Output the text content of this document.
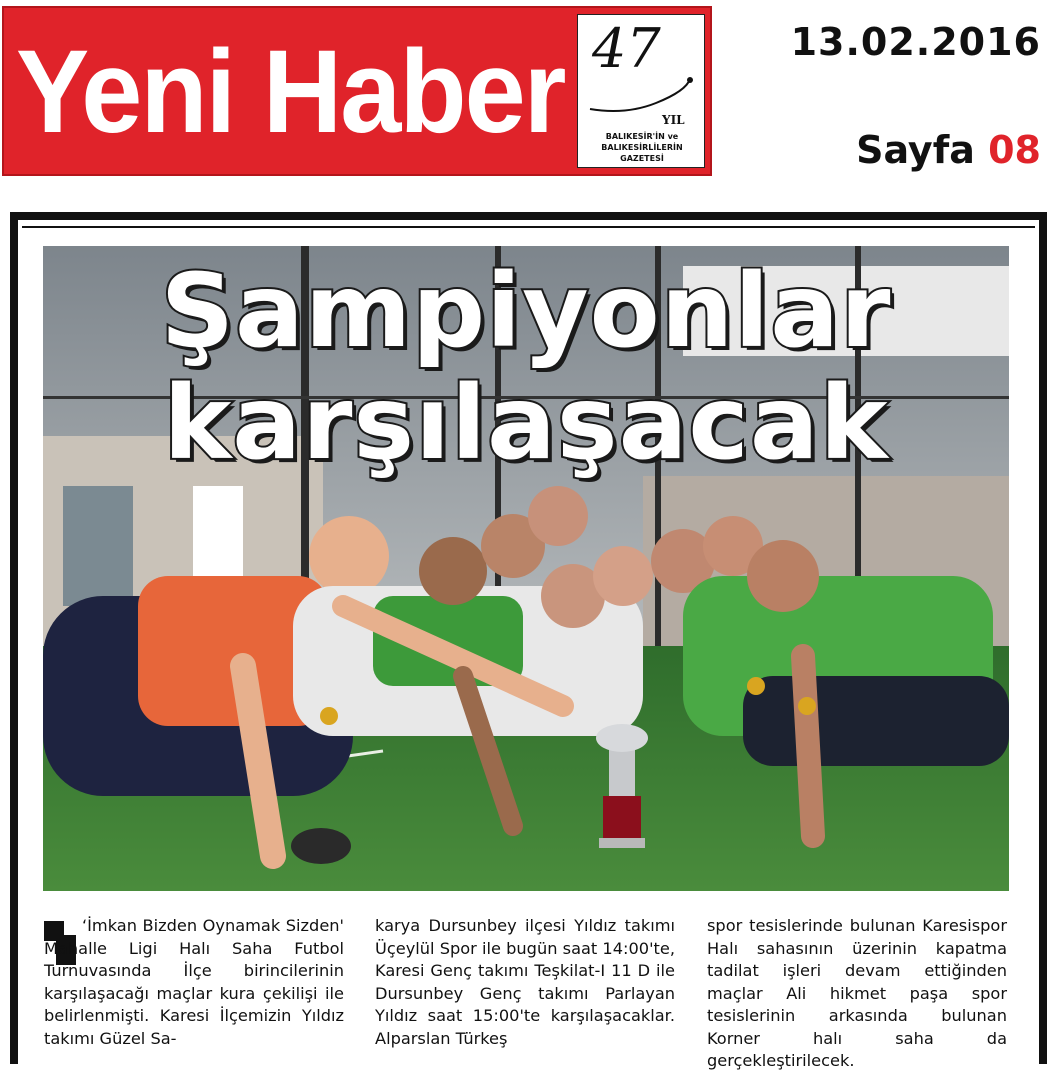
Yeni Haber 47
YIL
BALIKESİR'İN ve
BALIKESİRLİLERİN
GAZETESİ
13.02.2016
Sayfa 08
Şampiyonlar
karşılaşacak
‘İmkan Bizden Oynamak Sizden' Mahalle Ligi Halı Saha Futbol Turnuvasında İlçe birincilerinin karşılaşacağı maçlar kura çekilişi ile belirlenmişti. Karesi İlçemizin Yıldız takımı Güzel Sa-
karya Dursunbey ilçesi Yıldız takımı Üçeylül Spor ile bugün saat 14:00'te, Karesi Genç takımı Teşkilat-I 11 D ile Dursunbey Genç takımı Parlayan Yıldız saat 15:00'te karşılaşacaklar. Alparslan Türkeş
spor tesislerinde bulunan Karesispor Halı sahasının üzerinin kapatma tadilat işleri devam ettiğinden maçlar Ali hikmet paşa spor tesislerinin arkasında bulunan Korner halı saha da gerçekleştirilecek.
